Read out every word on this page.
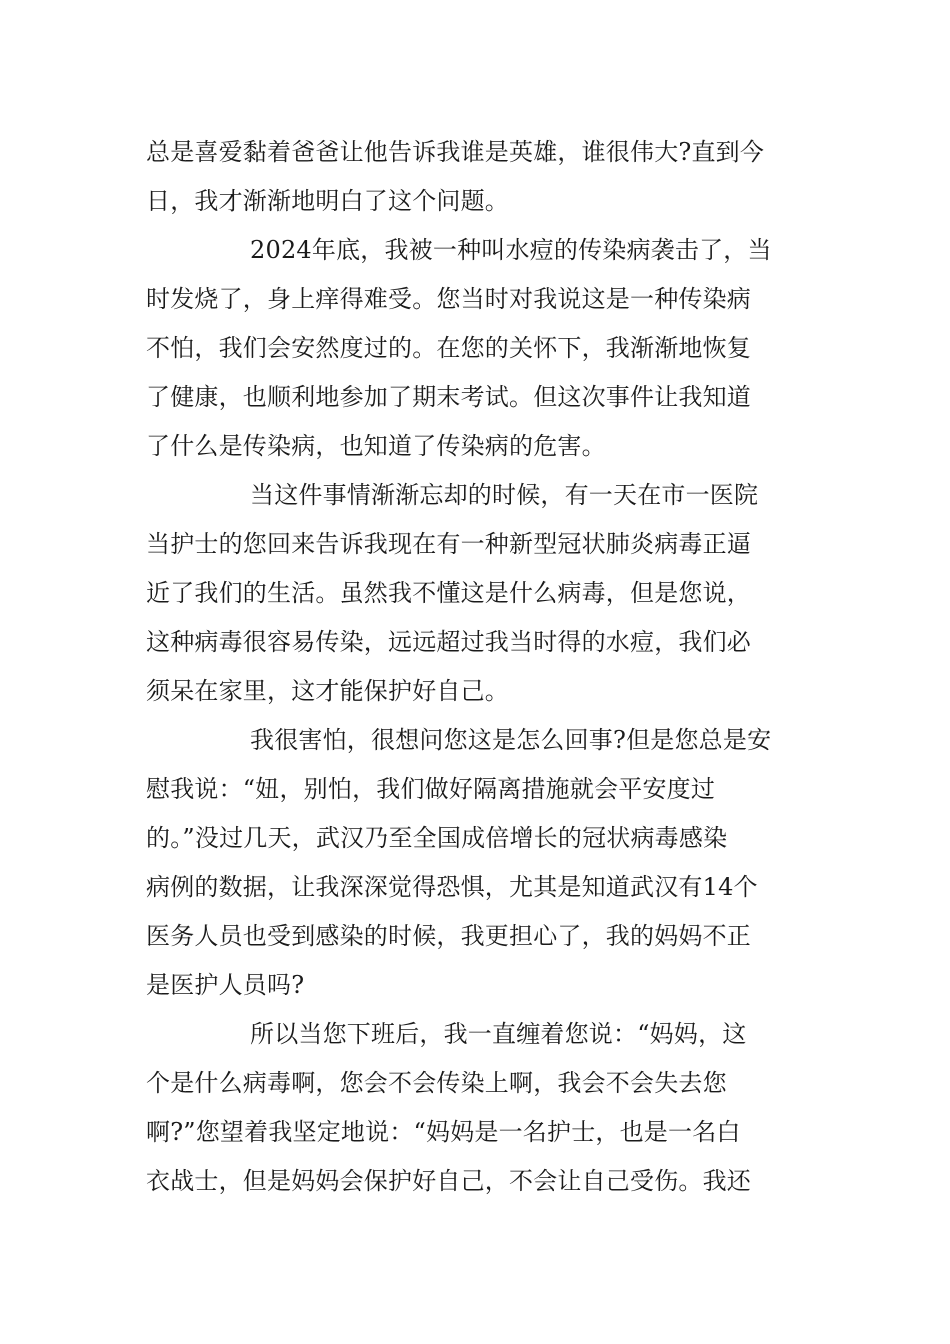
总是喜爱黏着爸爸让他告诉我谁是英雄，谁很伟大?直到今
日，我才渐渐地明白了这个问题。
2024年底，我被一种叫水痘的传染病袭击了，当
时发烧了，身上痒得难受。您当时对我说这是一种传染病
不怕，我们会安然度过的。在您的关怀下，我渐渐地恢复
了健康，也顺利地参加了期末考试。但这次事件让我知道
了什么是传染病，也知道了传染病的危害。
当这件事情渐渐忘却的时候，有一天在市一医院
当护士的您回来告诉我现在有一种新型冠状肺炎病毒正逼
近了我们的生活。虽然我不懂这是什么病毒，但是您说，
这种病毒很容易传染，远远超过我当时得的水痘，我们必
须呆在家里，这才能保护好自己。
我很害怕，很想问您这是怎么回事?但是您总是安
慰我说：“妞，别怕，我们做好隔离措施就会平安度过
的。”没过几天，武汉乃至全国成倍增长的冠状病毒感染
病例的数据，让我深深觉得恐惧，尤其是知道武汉有14个
医务人员也受到感染的时候，我更担心了，我的妈妈不正
是医护人员吗?
所以当您下班后，我一直缠着您说：“妈妈，这
个是什么病毒啊，您会不会传染上啊，我会不会失去您
啊?”您望着我坚定地说：“妈妈是一名护士，也是一名白
衣战士，但是妈妈会保护好自己，不会让自己受伤。我还
